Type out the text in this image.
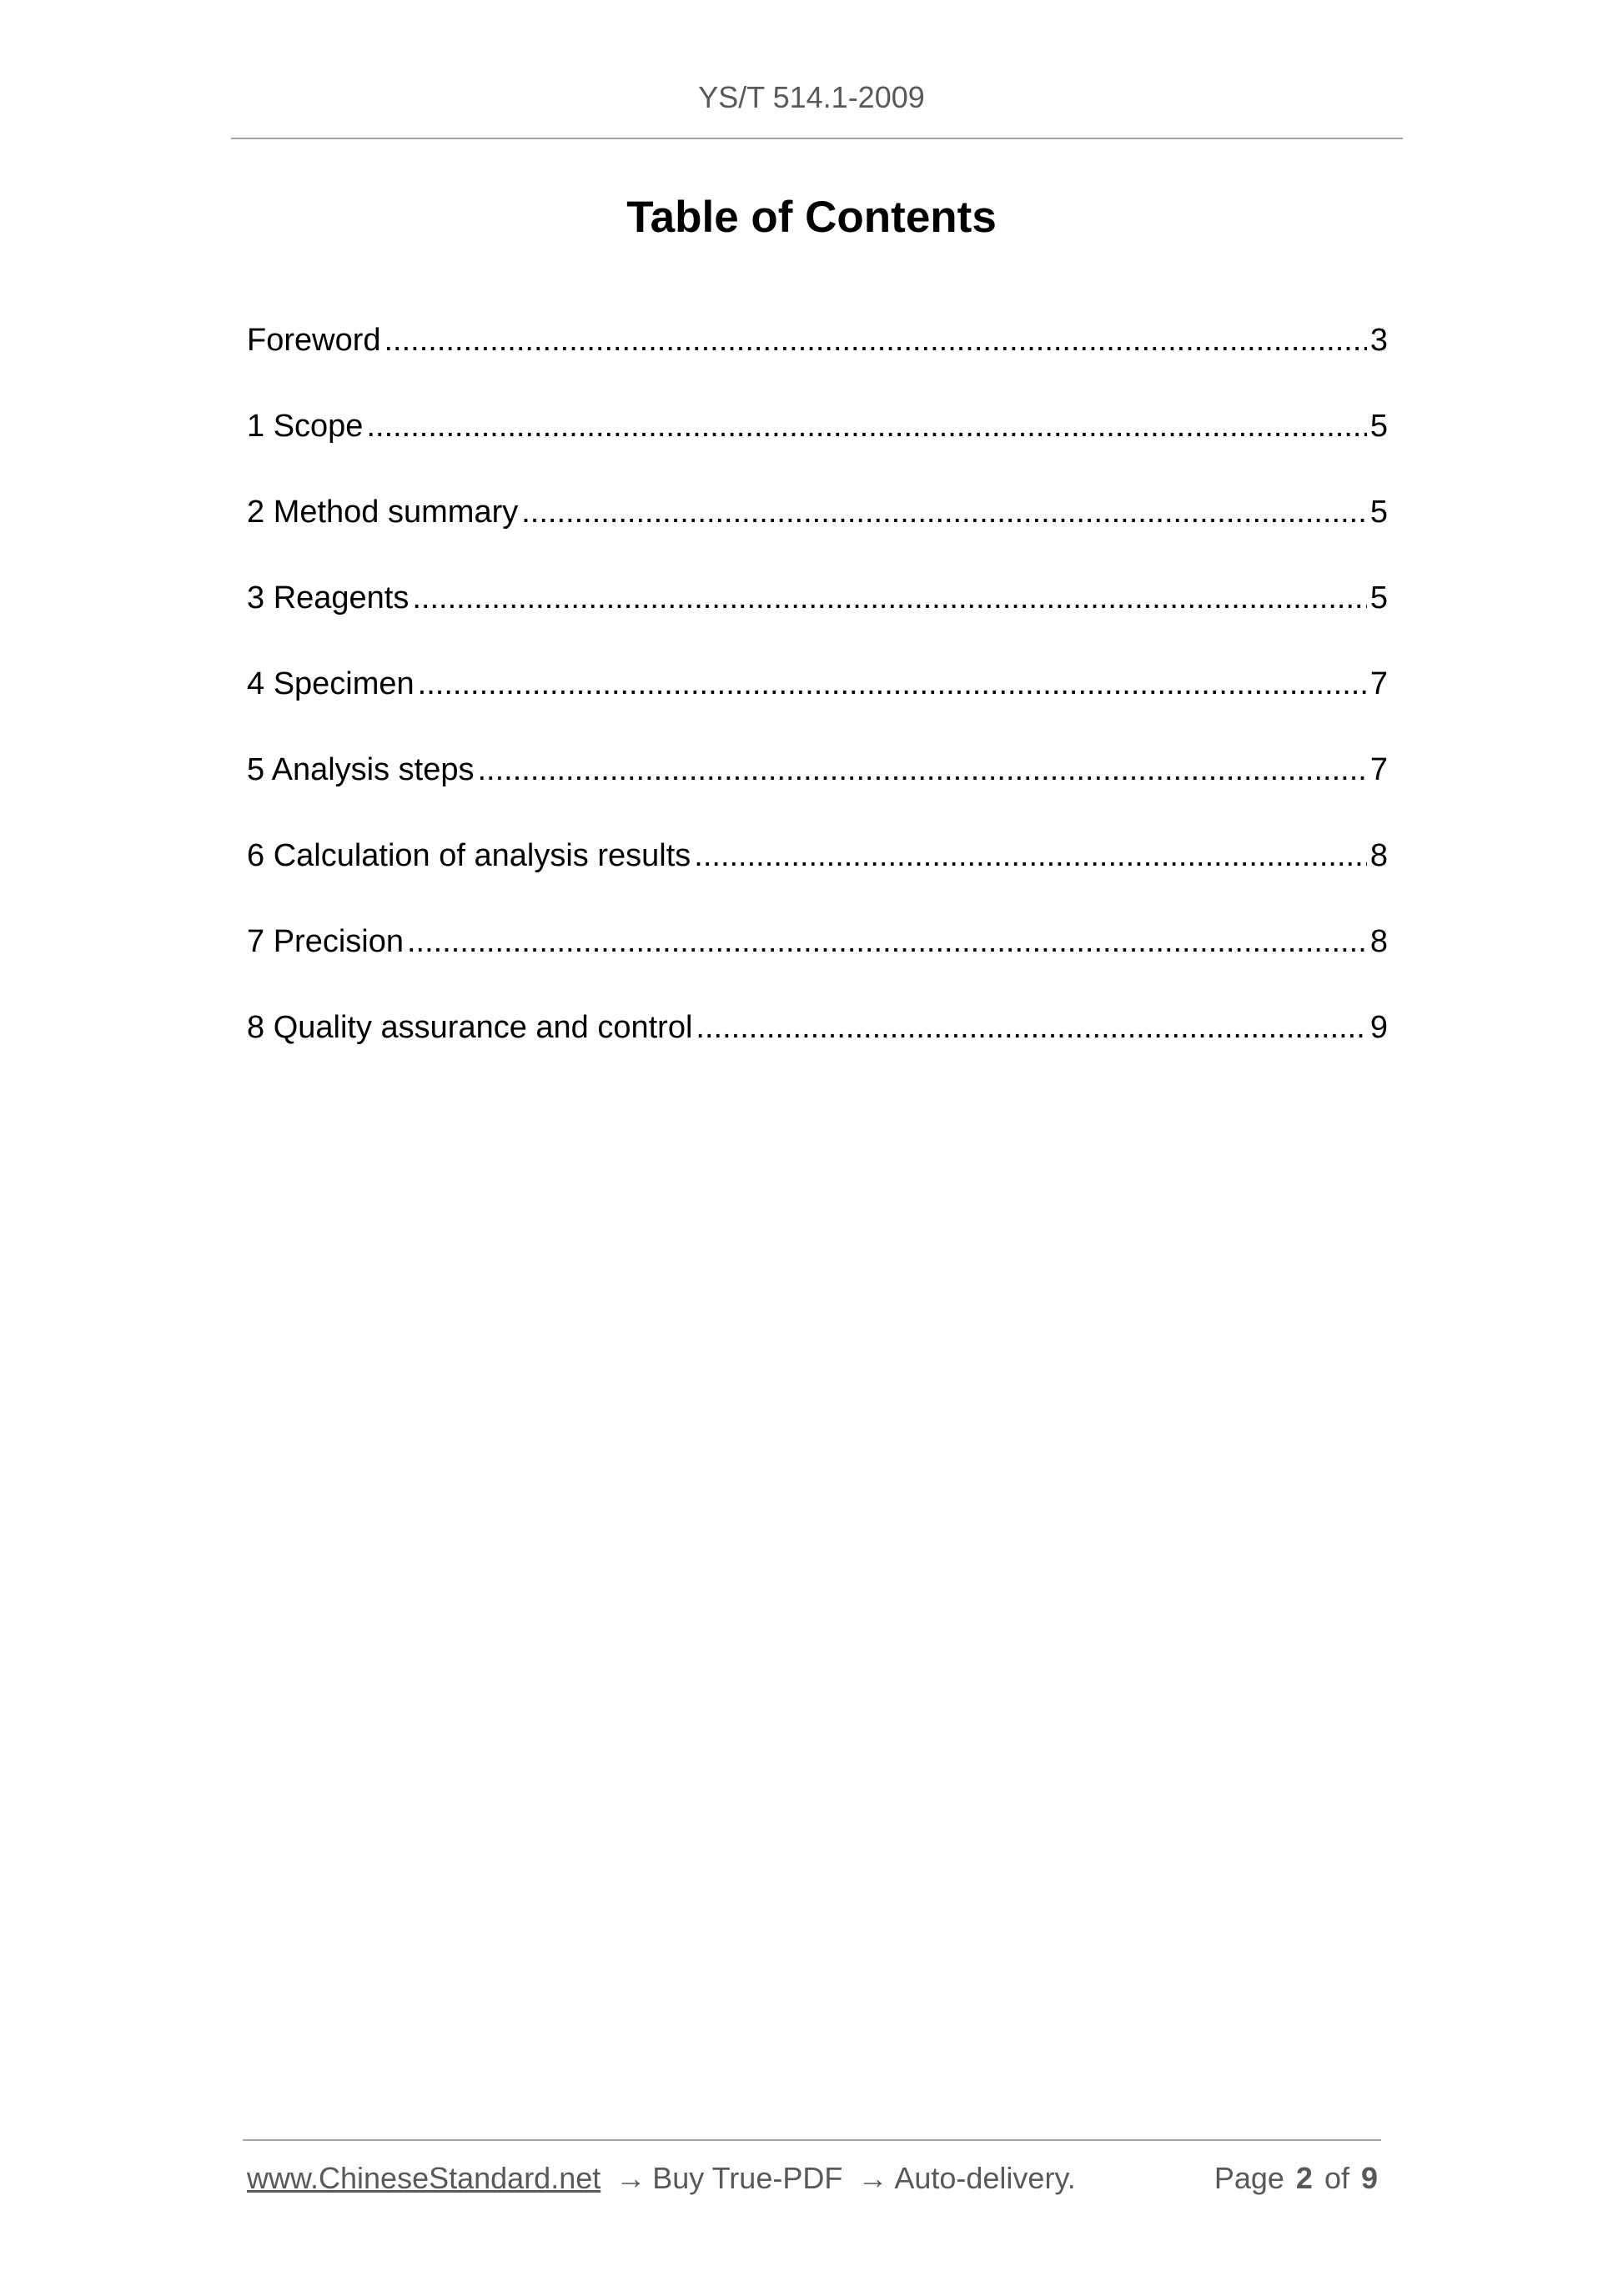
YS/T 514.1-2009
Table of Contents
Foreword .....	3
1 Scope .....	5
2 Method summary .....	5
3 Reagents .....	5
4 Specimen .....	7
5 Analysis steps .....	7
6 Calculation of analysis results .....	8
7 Precision .....	8
8 Quality assurance and control .....	9
www.ChineseStandard.net → Buy True-PDF → Auto-delivery.	Page 2 of 9
